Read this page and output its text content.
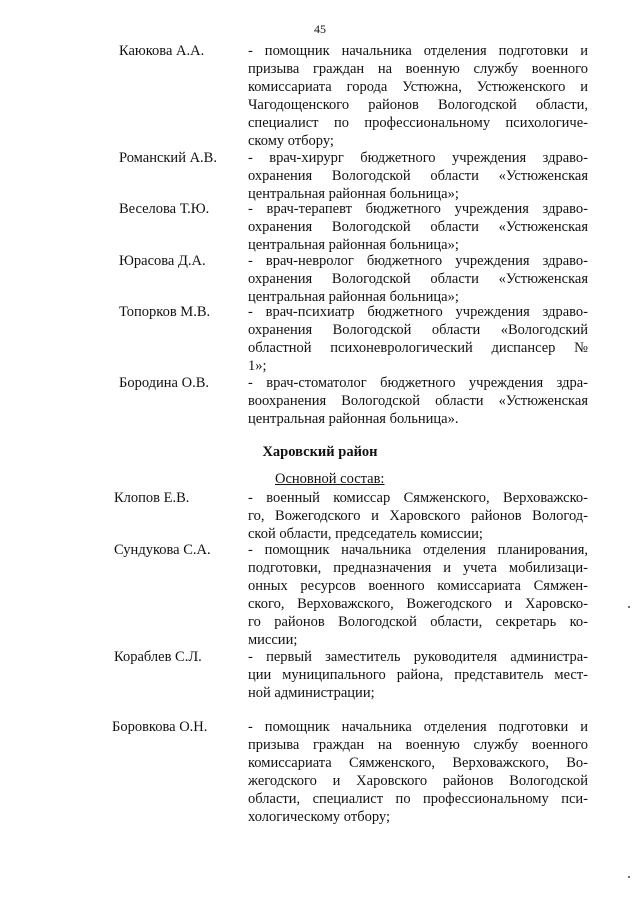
45
Каюкова А.А.	- помощник начальника отделения подготовки и
призыва граждан на военную службу военного
комиссариата города Устюжна, Устюженского и
Чагодощенского районов Вологодской области,
специалист по профессиональному психологиче-
скому отбору;
Романский А.В. - врач-хирург бюджетного учреждения здраво-
охранения Вологодской области «Устюженская
центральная районная больница»;
Веселова Т.Ю.	- врач-терапевт бюджетного учреждения здраво-
охранения Вологодской области «Устюженская
центральная районная больница»;
Юрасова Д.А.	- врач-невролог бюджетного учреждения здраво-
охранения Вологодской области «Устюженская
центральная районная больница»;
Топорков М.В.	- врач-психиатр бюджетного учреждения здраво-
охранения Вологодской области «Вологодский
областной психоневрологический диспансер №
1»;
Бородина О.В.	- врач-стоматолог бюджетного учреждения здра-
воохранения Вологодской области «Устюженская
центральная районная больница».
Харовский район
Основной состав:
Клопов Е.В.	- военный комиссар Сямженского, Верховажско-
го, Вожегодского и Харовского районов Вологод-
ской области, председатель комиссии;
Сундукова С.А.	- помощник начальника отделения планирования,
подготовки, предназначения и учета мобилизаци-
онных ресурсов военного комиссариата Сямжен-
ского, Верховажского, Вожегодского и Харовско-
го районов Вологодской области, секретарь ко-
миссии;
Кораблев С.Л.	- первый заместитель руководителя администра-
ции муниципального района, представитель мест-
ной администрации;
Боровкова О.Н.	- помощник начальника отделения подготовки и
призыва граждан на военную службу военного
комиссариата Сямженского, Верховажского, Во-
жегодского и Харовского районов Вологодской
области, специалист по профессиональному пси-
хологическому отбору;
